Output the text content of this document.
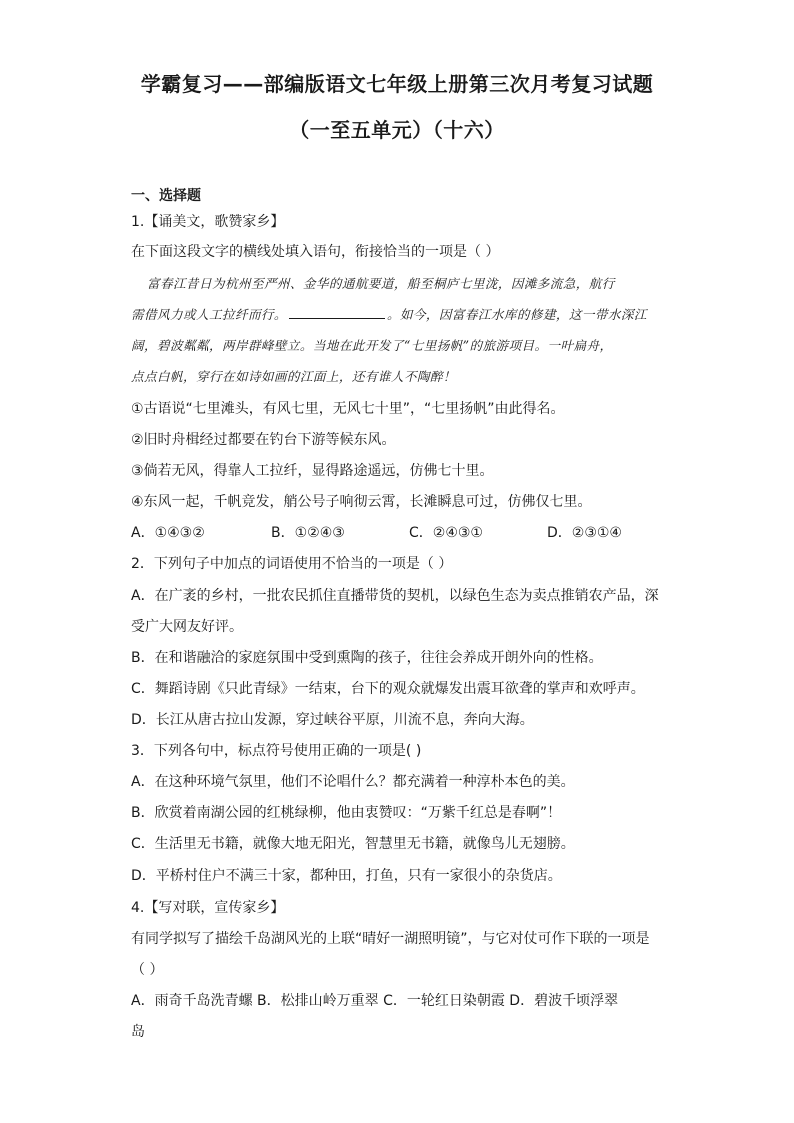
学霸复习——部编版语文七年级上册第三次月考复习试题
（一至五单元）（十六）
一、选择题
1.【诵美文，歌赞家乡】
在下面这段文字的横线处填入语句，衔接恰当的一项是（ ）
富春江昔日为杭州至严州、金华的通航要道，船至桐庐七里泷，因滩多流急，航行
需借风力或人工拉纤而行。	。如今，因富春江水库的修建，这一带水深江
阔，碧波粼粼，两岸群峰壁立。当地在此开发了“七里扬帆”的旅游项目。一叶扁舟，
点点白帆，穿行在如诗如画的江面上，还有谁人不陶醉！
①古语说“七里滩头，有风七里，无风七十里”，“七里扬帆”由此得名。
②旧时舟楫经过都要在钓台下游等候东风。
③倘若无风，得靠人工拉纤，显得路途遥远，仿佛七十里。
④东风一起，千帆竞发，艄公号子响彻云霄，长滩瞬息可过，仿佛仅七里。
A．①④③②	B．①②④③	C．②④③①	D．②③①④
2．下列句子中加点的词语使用不恰当的一项是（ ）
A．在广袤的乡村，一批农民抓住直播带货的契机，以绿色生态为卖点推销农产品，深
受广大网友好评。
B．在和谐融洽的家庭氛围中受到熏陶的孩子，往往会养成开朗外向的性格。
C．舞蹈诗剧《只此青绿》一结束，台下的观众就爆发出震耳欲聋的掌声和欢呼声。
D．长江从唐古拉山发源，穿过峡谷平原，川流不息，奔向大海。
3．下列各句中，标点符号使用正确的一项是( )
A．在这种环境气氛里，他们不论唱什么？都充满着一种淳朴本色的美。
B．欣赏着南湖公园的红桃绿柳，他由衷赞叹：“万紫千红总是春啊”！
C．生活里无书籍，就像大地无阳光，智慧里无书籍，就像鸟儿无翅膀。
D．平桥村住户不满三十家，都种田，打鱼，只有一家很小的杂货店。
4.【写对联，宣传家乡】
有同学拟写了描绘千岛湖风光的上联“晴好一湖照明镜”，与它对仗可作下联的一项是
（ ）
A．雨奇千岛洗青螺 B．松排山岭万重翠 C．一轮红日染朝霞 D．碧波千顷浮翠
岛
